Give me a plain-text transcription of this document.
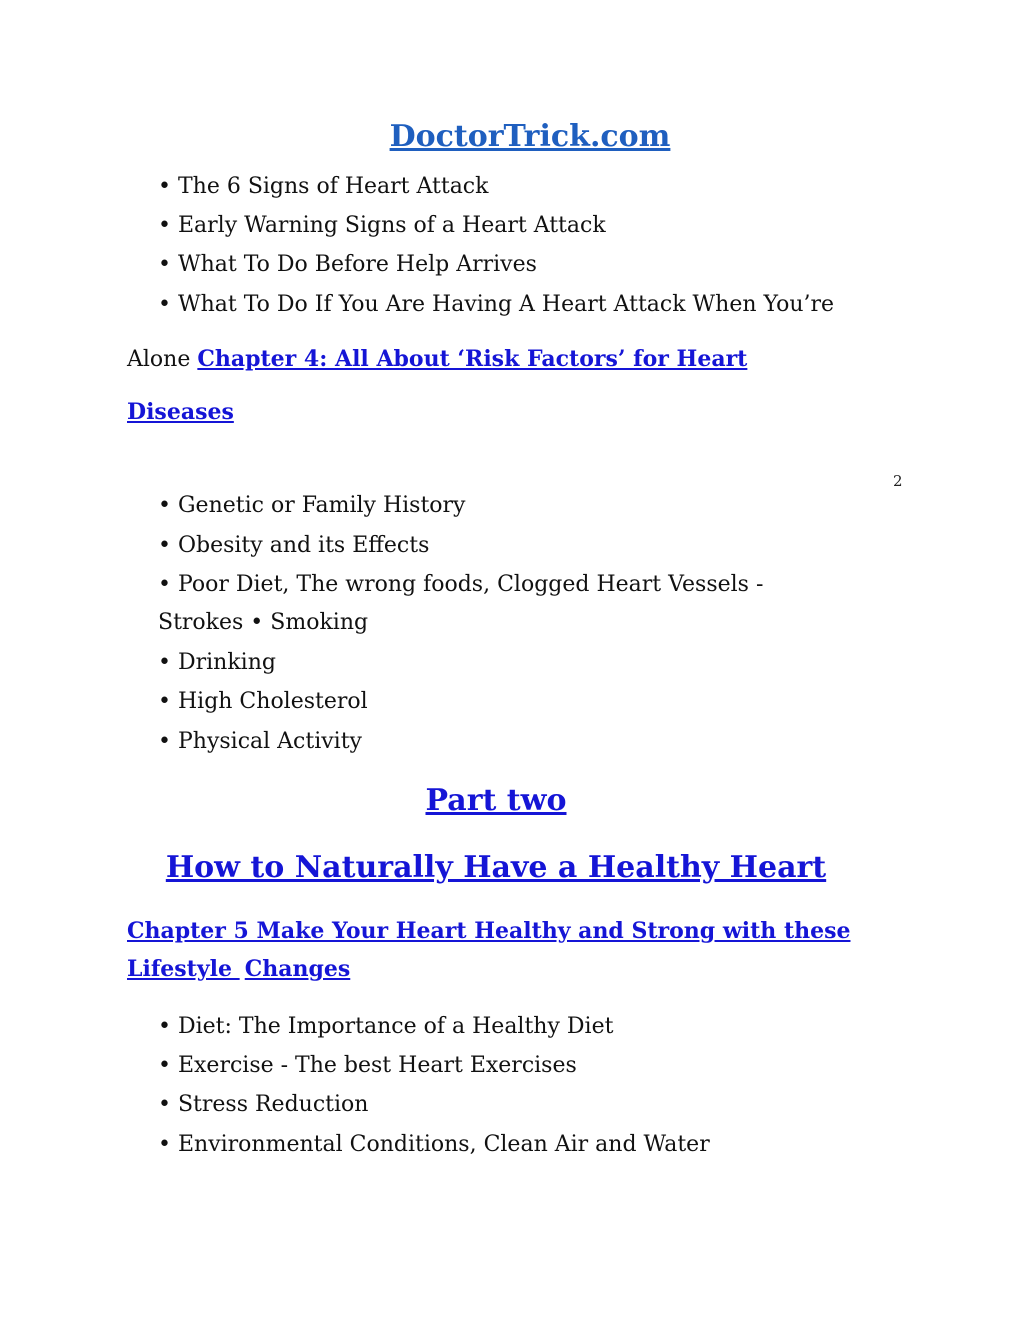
DoctorTrick.com
• The 6 Signs of Heart Attack
• Early Warning Signs of a Heart Attack
• What To Do Before Help Arrives
• What To Do If You Are Having A Heart Attack When You’re
Alone Chapter 4: All About ‘Risk Factors’ for Heart
Diseases
2
• Genetic or Family History
• Obesity and its Effects
• Poor Diet, The wrong foods, Clogged Heart Vessels -
Strokes • Smoking
• Drinking
• High Cholesterol
• Physical Activity
Part two
How to Naturally Have a Healthy Heart
Chapter 5 Make Your Heart Healthy and Strong with these
Lifestyle  Changes
• Diet: The Importance of a Healthy Diet
• Exercise - The best Heart Exercises
• Stress Reduction
• Environmental Conditions, Clean Air and Water
